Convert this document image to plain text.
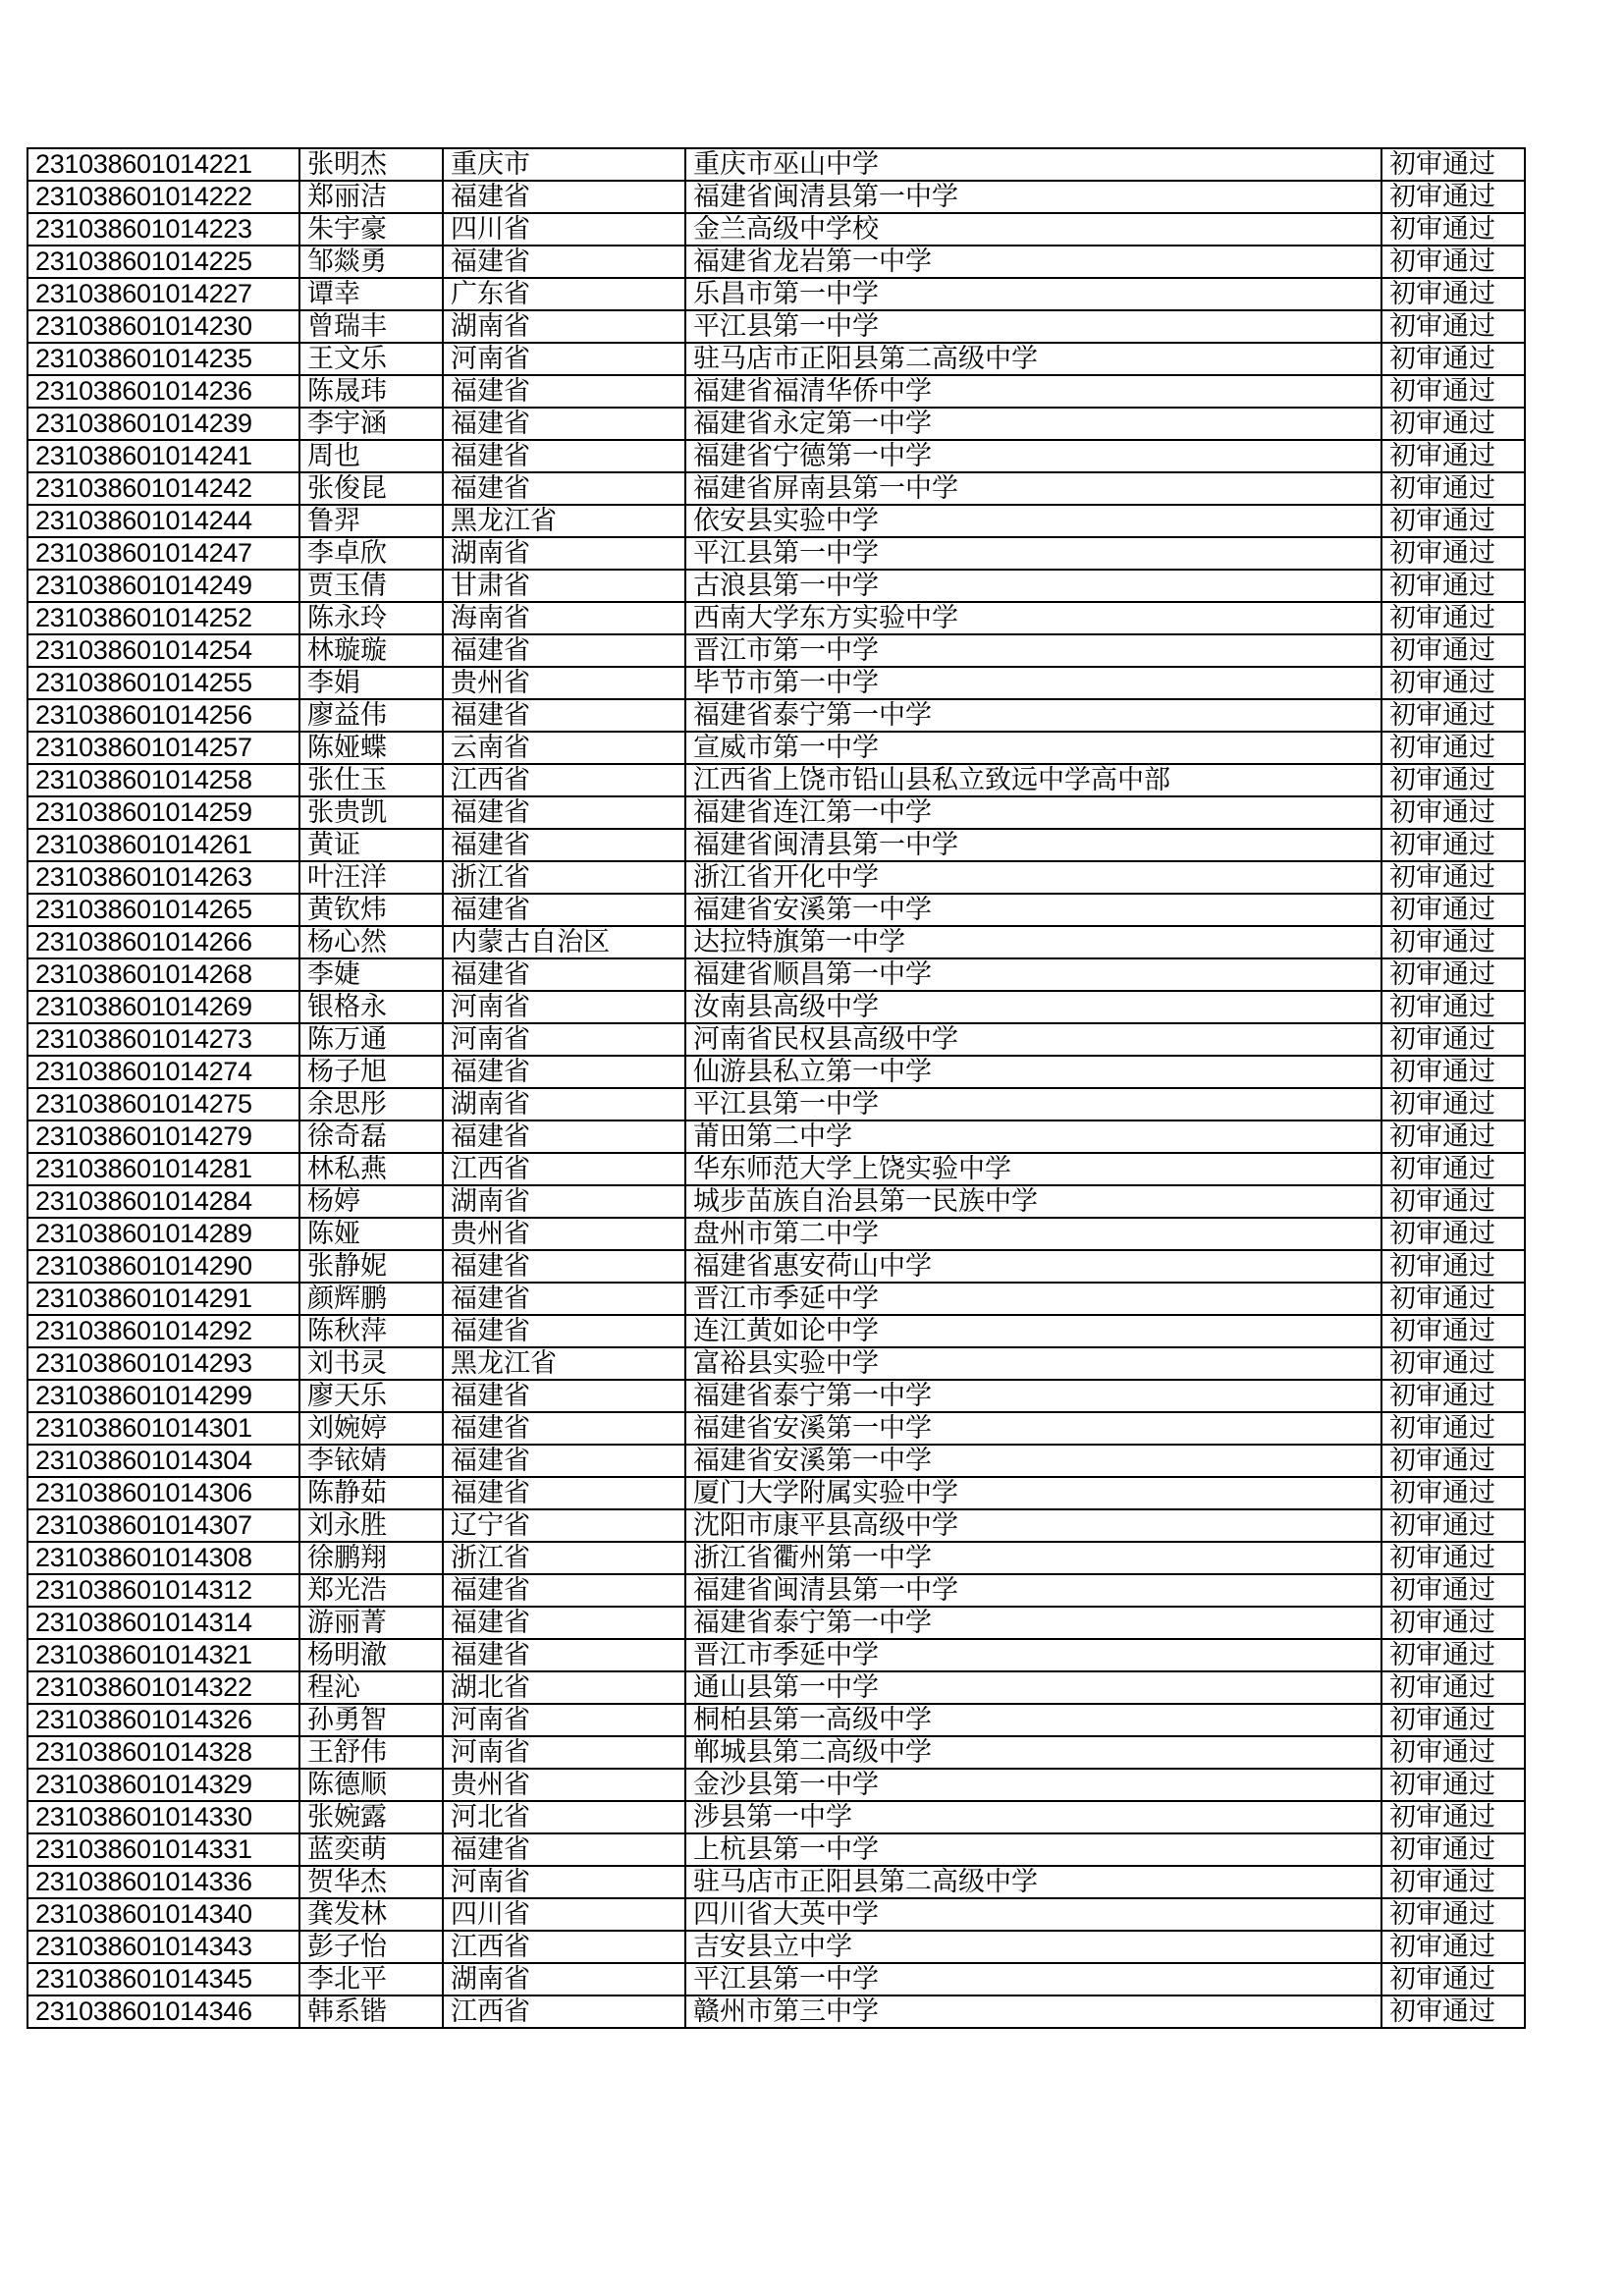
231038601014221	张明杰	重庆市	重庆市巫山中学	初审通过
231038601014222	郑丽洁	福建省	福建省闽清县第一中学	初审通过
231038601014223	朱宇豪	四川省	金兰高级中学校	初审通过
231038601014225	邹燚勇	福建省	福建省龙岩第一中学	初审通过
231038601014227	谭幸	广东省	乐昌市第一中学	初审通过
231038601014230	曾瑞丰	湖南省	平江县第一中学	初审通过
231038601014235	王文乐	河南省	驻马店市正阳县第二高级中学	初审通过
231038601014236	陈晟玮	福建省	福建省福清华侨中学	初审通过
231038601014239	李宇涵	福建省	福建省永定第一中学	初审通过
231038601014241	周也	福建省	福建省宁德第一中学	初审通过
231038601014242	张俊昆	福建省	福建省屏南县第一中学	初审通过
231038601014244	鲁羿	黑龙江省	依安县实验中学	初审通过
231038601014247	李卓欣	湖南省	平江县第一中学	初审通过
231038601014249	贾玉倩	甘肃省	古浪县第一中学	初审通过
231038601014252	陈永玲	海南省	西南大学东方实验中学	初审通过
231038601014254	林璇璇	福建省	晋江市第一中学	初审通过
231038601014255	李娟	贵州省	毕节市第一中学	初审通过
231038601014256	廖益伟	福建省	福建省泰宁第一中学	初审通过
231038601014257	陈娅蝶	云南省	宣威市第一中学	初审通过
231038601014258	张仕玉	江西省	江西省上饶市铅山县私立致远中学高中部	初审通过
231038601014259	张贵凯	福建省	福建省连江第一中学	初审通过
231038601014261	黄证	福建省	福建省闽清县第一中学	初审通过
231038601014263	叶汪洋	浙江省	浙江省开化中学	初审通过
231038601014265	黄钦炜	福建省	福建省安溪第一中学	初审通过
231038601014266	杨心然	内蒙古自治区	达拉特旗第一中学	初审通过
231038601014268	李婕	福建省	福建省顺昌第一中学	初审通过
231038601014269	银格永	河南省	汝南县高级中学	初审通过
231038601014273	陈万通	河南省	河南省民权县高级中学	初审通过
231038601014274	杨子旭	福建省	仙游县私立第一中学	初审通过
231038601014275	余思彤	湖南省	平江县第一中学	初审通过
231038601014279	徐奇磊	福建省	莆田第二中学	初审通过
231038601014281	林私燕	江西省	华东师范大学上饶实验中学	初审通过
231038601014284	杨婷	湖南省	城步苗族自治县第一民族中学	初审通过
231038601014289	陈娅	贵州省	盘州市第二中学	初审通过
231038601014290	张静妮	福建省	福建省惠安荷山中学	初审通过
231038601014291	颜辉鹏	福建省	晋江市季延中学	初审通过
231038601014292	陈秋萍	福建省	连江黄如论中学	初审通过
231038601014293	刘书灵	黑龙江省	富裕县实验中学	初审通过
231038601014299	廖天乐	福建省	福建省泰宁第一中学	初审通过
231038601014301	刘婉婷	福建省	福建省安溪第一中学	初审通过
231038601014304	李铱婧	福建省	福建省安溪第一中学	初审通过
231038601014306	陈静茹	福建省	厦门大学附属实验中学	初审通过
231038601014307	刘永胜	辽宁省	沈阳市康平县高级中学	初审通过
231038601014308	徐鹏翔	浙江省	浙江省衢州第一中学	初审通过
231038601014312	郑光浩	福建省	福建省闽清县第一中学	初审通过
231038601014314	游丽菁	福建省	福建省泰宁第一中学	初审通过
231038601014321	杨明澈	福建省	晋江市季延中学	初审通过
231038601014322	程沁	湖北省	通山县第一中学	初审通过
231038601014326	孙勇智	河南省	桐柏县第一高级中学	初审通过
231038601014328	王舒伟	河南省	郸城县第二高级中学	初审通过
231038601014329	陈德顺	贵州省	金沙县第一中学	初审通过
231038601014330	张婉露	河北省	涉县第一中学	初审通过
231038601014331	蓝奕萌	福建省	上杭县第一中学	初审通过
231038601014336	贺华杰	河南省	驻马店市正阳县第二高级中学	初审通过
231038601014340	龚发林	四川省	四川省大英中学	初审通过
231038601014343	彭子怡	江西省	吉安县立中学	初审通过
231038601014345	李北平	湖南省	平江县第一中学	初审通过
231038601014346	韩系锴	江西省	赣州市第三中学	初审通过
